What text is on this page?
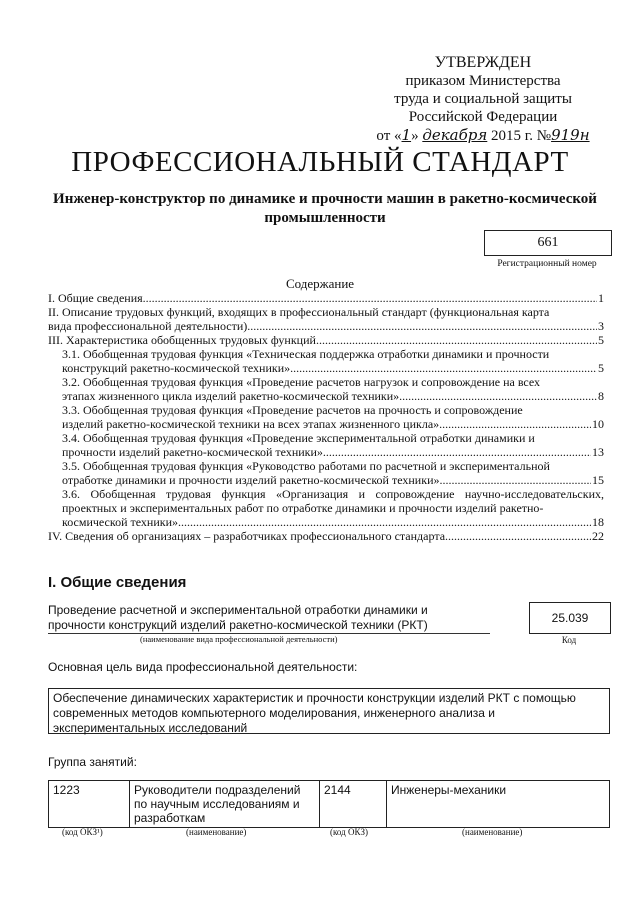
УТВЕРЖДЕН
приказом Министерства
труда и социальной защиты
Российской Федерации
от «1» декабря 2015 г. №919н
ПРОФЕССИОНАЛЬНЫЙ СТАНДАРТ
Инженер-конструктор по динамике и прочности машин в ракетно-космической промышленности
661
Регистрационный номер
Содержание
I. Общие сведения .....	1
II. Описание трудовых функций, входящих в профессиональный стандарт (функциональная карта
вида профессиональной деятельности) .....	3
III. Характеристика обобщенных трудовых функций .....	5
3.1. Обобщенная трудовая функция «Техническая поддержка отработки динамики и прочности
конструкций ракетно-космической техники» .....	5
3.2. Обобщенная трудовая функция «Проведение расчетов нагрузок и сопровождение на всех
этапах жизненного цикла изделий ракетно-космической техники» .....	8
3.3. Обобщенная трудовая функция «Проведение расчетов на прочность и сопровождение
изделий ракетно-космической техники на всех этапах жизненного цикла» .....	10
3.4. Обобщенная трудовая функция «Проведение экспериментальной отработки динамики и
прочности изделий ракетно-космической техники» .....	13
3.5. Обобщенная трудовая функция «Руководство работами по расчетной и экспериментальной
отработке динамики и прочности изделий ракетно-космической техники» .....	15
3.6. Обобщенная трудовая функция «Организация и сопровождение научно-исследовательских, проектных и экспериментальных работ по отработке динамики и прочности изделий ракетно-
космической техники» .....	18
IV. Сведения об организациях – разработчиках профессионального стандарта .....	22
I. Общие сведения
Проведение расчетной и экспериментальной отработки динамики и прочности конструкций изделий ракетно-космической техники (РКТ)
(наименование вида профессиональной деятельности)
25.039
Код
Основная цель вида профессиональной деятельности:
Обеспечение динамических характеристик и прочности конструкции изделий РКТ с помощью современных методов компьютерного моделирования, инженерного анализа и экспериментальных исследований
Группа занятий:
1223	Руководители подразделений по научным исследованиям и разработкам	2144	Инженеры-механики
(код ОКЗ¹)	(наименование)	(код ОКЗ)	(наименование)
